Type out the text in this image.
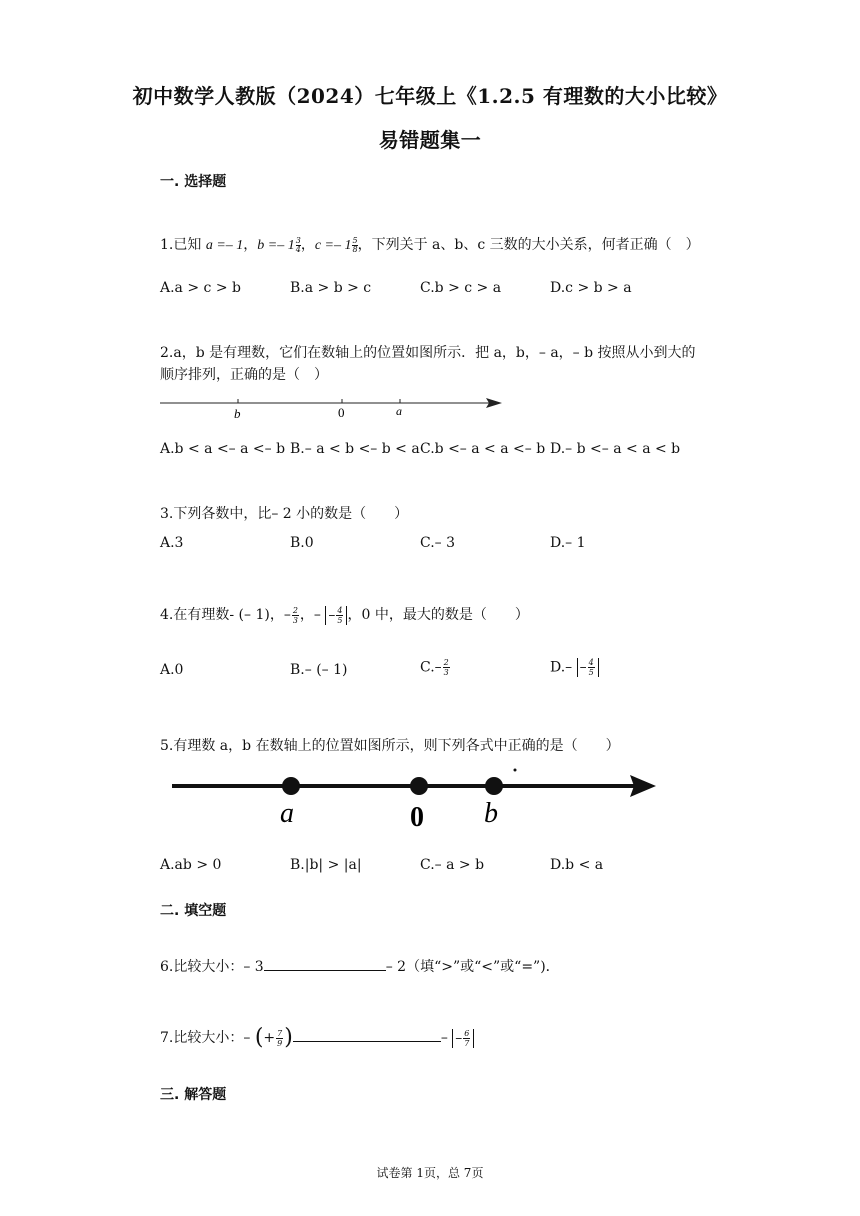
初中数学人教版（2024）七年级上《1.2.5 有理数的大小比较》
易错题集一
一. 选择题
1.已知 a =– 1，$b =- 1 \frac{3}{4}$ ，$c =- 1 \frac{5}{8}$ ，下列关于 a、b、c 三数的大小关系，何者正确（　）
A.a > c > b	B.a > b > c	C.b > c > a	D.c > b > a
2.a，b 是有理数，它们在数轴上的位置如图所示．把 a，b，– a，– b 按照从小到大的
顺序排列，正确的是（　）
b	0	a
A.b < a <– a <– b B.– a < b <– b < a C.b <– a < a <– b D.– b <– a < a < b
3.下列各数中，比– 2 小的数是（　　）
A.3	B.0	C.– 3	D.– 1
4.在有理数- (– 1)，– $\frac{2}{3}$ ，– – $\frac{4}{5}$ ，0 中，最大的数是（　　）
A.0	B.– (– 1)	$C.- \frac{2}{3}$	$D.- - \frac{4}{5}$
5.有理数 a，b 在数轴上的位置如图所示，则下列各式中正确的是（　　）
a	0 b
A.ab > 0	B.|b| > |a|	C.– a > b	D.b < a
二. 填空题
6.比较大小：– 3	– 2（填“>”或“<”或“=”)．
7.比较大小：– (+ $\frac{7}{9}$ )	– – $\frac{6}{7}$
三. 解答题
试卷第 1页，总 7页
